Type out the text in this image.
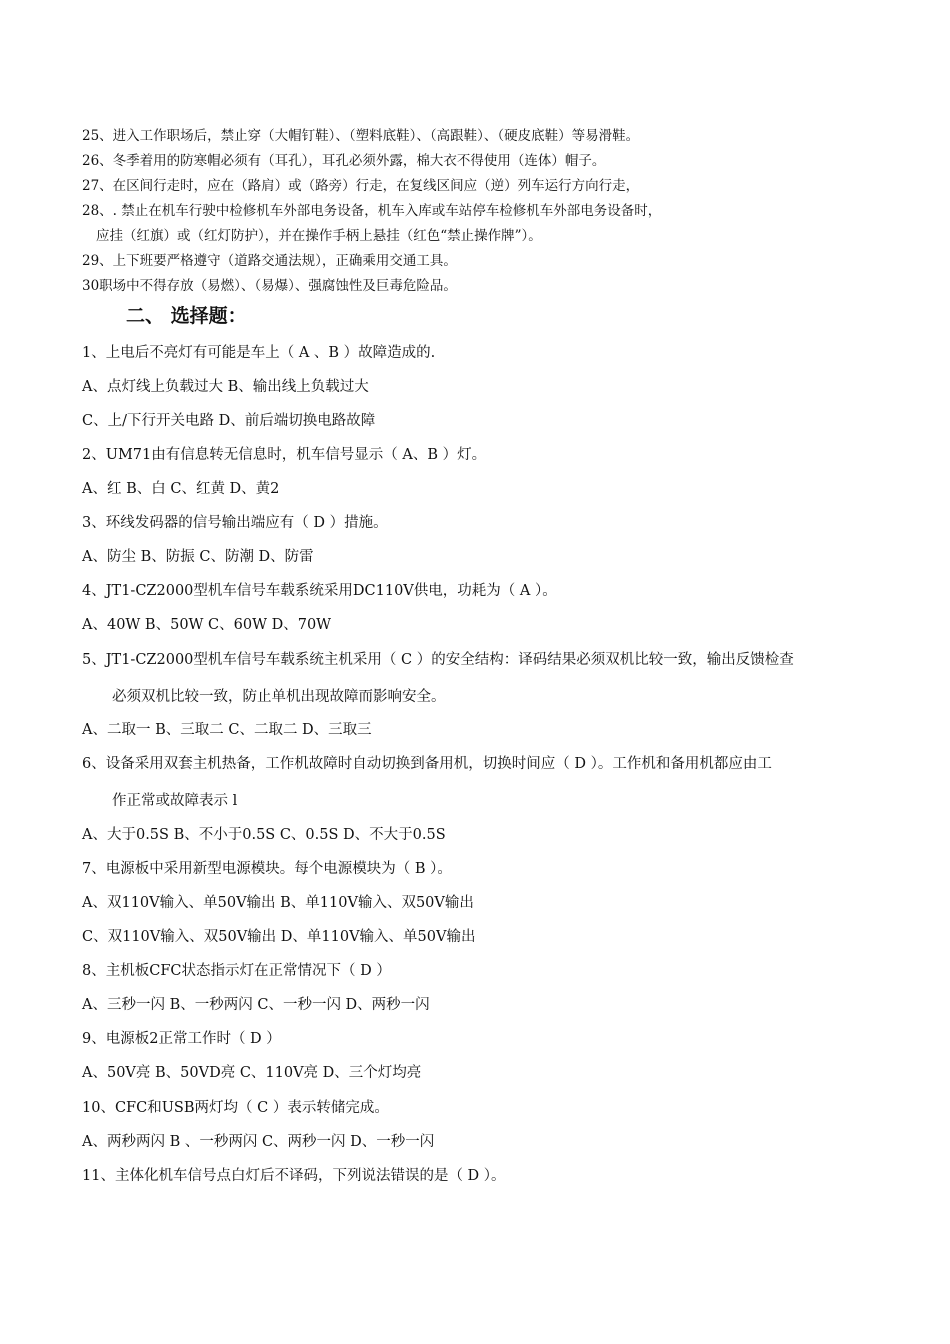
25、进入工作职场后，禁止穿（大帽钉鞋）、（塑料底鞋）、（高跟鞋）、（硬皮底鞋）等易滑鞋。
26、冬季着用的防寒帽必须有（耳孔），耳孔必须外露，棉大衣不得使用（连体）帽子。
27、在区间行走时，应在（路肩）或（路旁）行走，在复线区间应（逆）列车运行方向行走，
28、. 禁止在机车行驶中检修机车外部电务设备，机车入库或车站停车检修机车外部电务设备时，
应挂（红旗）或（红灯防护），并在操作手柄上悬挂（红色“禁止操作牌”）。
29、上下班要严格遵守（道路交通法规），正确乘用交通工具。
30职场中不得存放（易燃）、（易爆）、强腐蚀性及巨毒危险品。
二、 选择题：
1、上电后不亮灯有可能是车上（ A 、B ）故障造成的.
A、点灯线上负载过大 B、输出线上负载过大
C、上/下行开关电路 D、前后端切换电路故障
2、UM71由有信息转无信息时，机车信号显示（ A、B ）灯。
A、红 B、白 C、红黄 D、黄2
3、环线发码器的信号输出端应有（ D ）措施。
A、防尘 B、防振 C、防潮 D、防雷
4、JT1-CZ2000型机车信号车载系统采用DC110V供电，功耗为（ A ）。
A、40W B、50W C、60W D、70W
5、JT1-CZ2000型机车信号车载系统主机采用（ C ）的安全结构：译码结果必须双机比较一致，输出反馈检查
必须双机比较一致，防止单机出现故障而影响安全。
A、二取一 B、三取二 C、二取二 D、三取三
6、设备采用双套主机热备，工作机故障时自动切换到备用机，切换时间应（ D ）。工作机和备用机都应由工
作正常或故障表示 l
A、大于0.5S B、不小于0.5S C、0.5S D、不大于0.5S
7、电源板中采用新型电源模块。每个电源模块为（ B ）。
A、双110V输入、单50V输出 B、单110V输入、双50V输出
C、双110V输入、双50V输出 D、单110V输入、单50V输出
8、主机板CFC状态指示灯在正常情况下（ D ）
A、三秒一闪 B、一秒两闪 C、一秒一闪 D、两秒一闪
9、电源板2正常工作时（ D ）
A、50V亮 B、50VD亮 C、110V亮 D、三个灯均亮
10、CFC和USB两灯均（ C ）表示转储完成。
A、两秒两闪 B 、一秒两闪 C、两秒一闪 D、一秒一闪
11、主体化机车信号点白灯后不译码，下列说法错误的是（ D ）。
